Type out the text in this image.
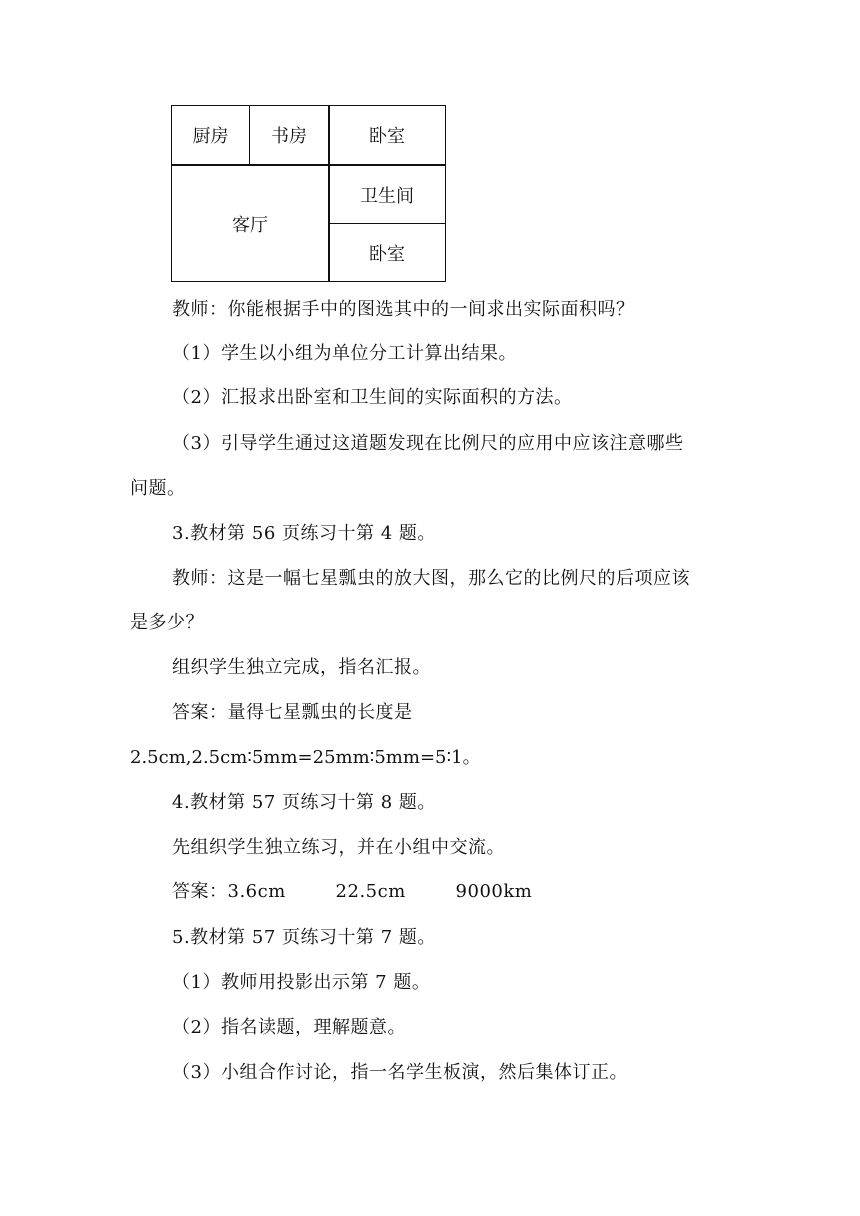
厨房	书房	卧室
客厅
卫生间
卧室
教师：你能根据手中的图选其中的一间求出实际面积吗？
（1）学生以小组为单位分工计算出结果。
（2）汇报求出卧室和卫生间的实际面积的方法。
（3）引导学生通过这道题发现在比例尺的应用中应该注意哪些
问题。
3.教材第 56 页练习十第 4 题。
教师：这是一幅七星瓢虫的放大图，那么它的比例尺的后项应该
是多少？
组织学生独立完成，指名汇报。
答案：量得七星瓢虫的长度是
2.5cm,2.5cm∶5mm=25mm∶5mm=5∶1。
4.教材第 57 页练习十第 8 题。
先组织学生独立练习，并在小组中交流。
答案：3.6cm        22.5cm        9000km
5.教材第 57 页练习十第 7 题。
（1）教师用投影出示第 7 题。
（2）指名读题，理解题意。
（3）小组合作讨论，指一名学生板演，然后集体订正。
